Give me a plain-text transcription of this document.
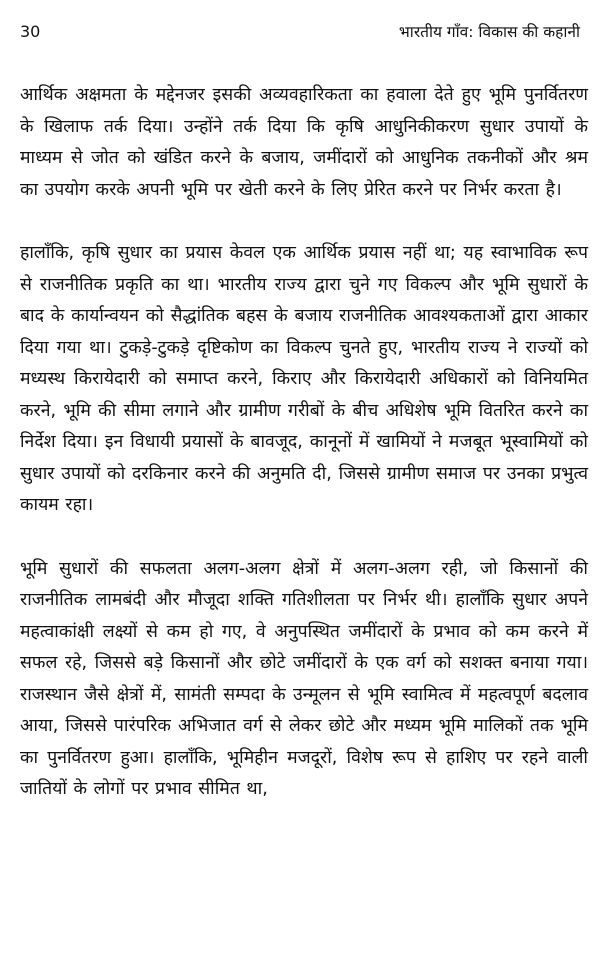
30	भारतीय गाँव: विकास की कहानी

आर्थिक अक्षमता के मद्देनजर इसकी अव्यवहारिकता का हवाला देते हुए भूमि पुनर्वितरण के खिलाफ तर्क दिया। उन्होंने तर्क दिया कि कृषि आधुनिकीकरण सुधार उपायों के माध्यम से जोत को खंडित करने के बजाय, जमींदारों को आधुनिक तकनीकों और श्रम का उपयोग करके अपनी भूमि पर खेती करने के लिए प्रेरित करने पर निर्भर करता है।

हालाँकि, कृषि सुधार का प्रयास केवल एक आर्थिक प्रयास नहीं था; यह स्वाभाविक रूप से राजनीतिक प्रकृति का था। भारतीय राज्य द्वारा चुने गए विकल्प और भूमि सुधारों के बाद के कार्यान्वयन को सैद्धांतिक बहस के बजाय राजनीतिक आवश्यकताओं द्वारा आकार दिया गया था। टुकड़े-टुकड़े दृष्टिकोण का विकल्प चुनते हुए, भारतीय राज्य ने राज्यों को मध्यस्थ किरायेदारी को समाप्त करने, किराए और किरायेदारी अधिकारों को विनियमित करने, भूमि की सीमा लगाने और ग्रामीण गरीबों के बीच अधिशेष भूमि वितरित करने का निर्देश दिया। इन विधायी प्रयासों के बावजूद, कानूनों में खामियों ने मजबूत भूस्वामियों को सुधार उपायों को दरकिनार करने की अनुमति दी, जिससे ग्रामीण समाज पर उनका प्रभुत्व कायम रहा।

भूमि सुधारों की सफलता अलग-अलग क्षेत्रों में अलग-अलग रही, जो किसानों की राजनीतिक लामबंदी और मौजूदा शक्ति गतिशीलता पर निर्भर थी। हालाँकि सुधार अपने महत्वाकांक्षी लक्ष्यों से कम हो गए, वे अनुपस्थित जमींदारों के प्रभाव को कम करने में सफल रहे, जिससे बड़े किसानों और छोटे जमींदारों के एक वर्ग को सशक्त बनाया गया। राजस्थान जैसे क्षेत्रों में, सामंती सम्पदा के उन्मूलन से भूमि स्वामित्व में महत्वपूर्ण बदलाव आया, जिससे पारंपरिक अभिजात वर्ग से लेकर छोटे और मध्यम भूमि मालिकों तक भूमि का पुनर्वितरण हुआ। हालाँकि, भूमिहीन मजदूरों, विशेष रूप से हाशिए पर रहने वाली जातियों के लोगों पर प्रभाव सीमित था,
